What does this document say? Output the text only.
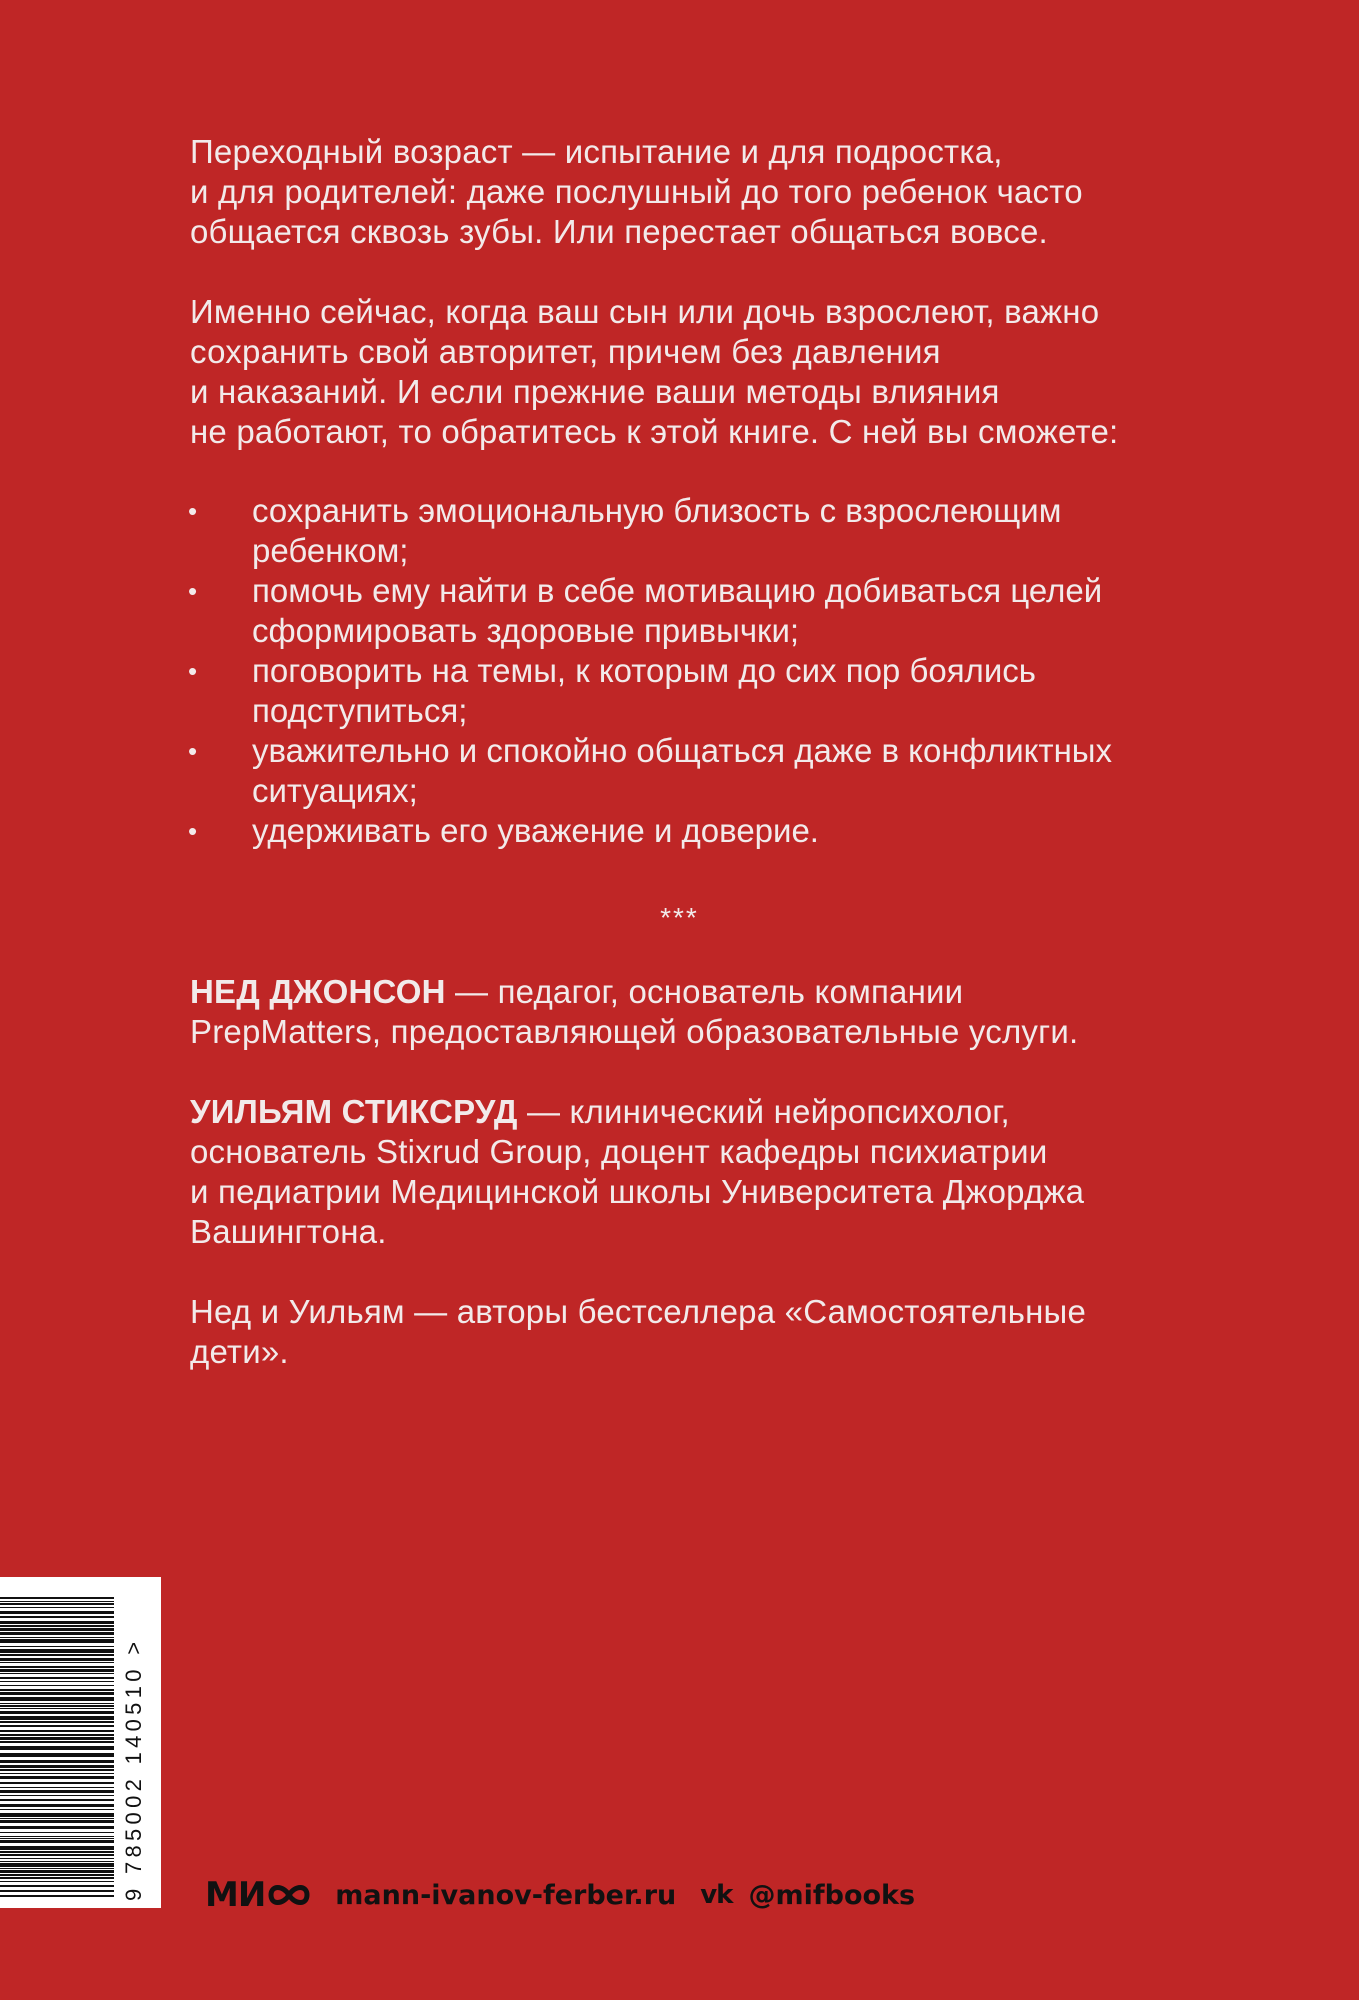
Переходный возраст — испытание и для подростка,
и для родителей: даже послушный до того ребенок часто
общается сквозь зубы. Или перестает общаться вовсе.
Именно сейчас, когда ваш сын или дочь взрослеют, важно
сохранить свой авторитет, причем без давления
и наказаний. И если прежние ваши методы влияния
не работают, то обратитесь к этой книге. С ней вы сможете:
• сохранить эмоциональную близость с взрослеющим
ребенком;
• помочь ему найти в себе мотивацию добиваться целей
сформировать здоровые привычки;
• поговорить на темы, к которым до сих пор боялись
подступиться;
• уважительно и спокойно общаться даже в конфликтных
ситуациях;
• удерживать его уважение и доверие.
***
НЕД ДЖОНСОН — педагог, основатель компании
PrepMatters, предоставляющей образовательные услуги.
УИЛЬЯМ СТИКСРУД — клинический нейропсихолог,
основатель Stixrud Group, доцент кафедры психиатрии
и педиатрии Медицинской школы Университета Джорджа
Вашингтона.
Нед и Уильям — авторы бестселлера «Самостоятельные
дети».
9 785002 140510 > МИ	mann-ivanov-ferber.ru vk @mifbooks
